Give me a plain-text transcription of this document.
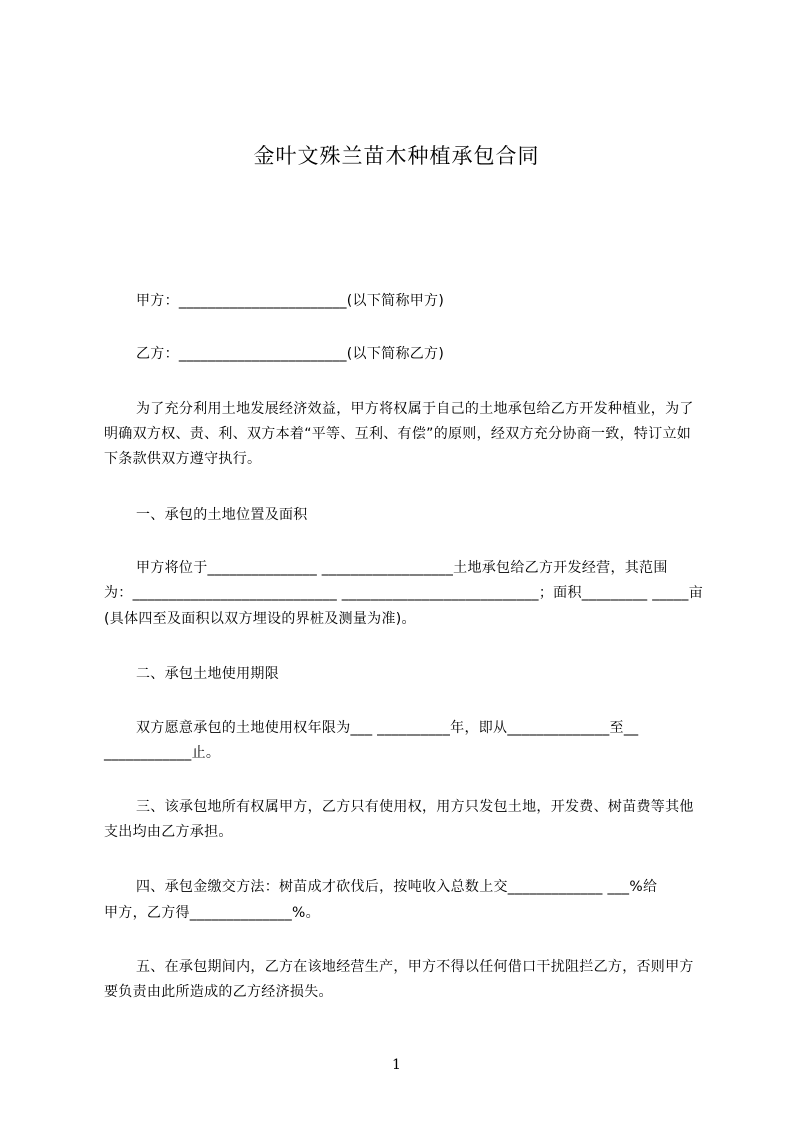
金叶文殊兰苗木种植承包合同
甲方：_______________________(以下简称甲方)
乙方：_______________________(以下简称乙方)
为了充分利用土地发展经济效益，甲方将权属于自己的土地承包给乙方开发种植业，为了明确双方权、责、利、双方本着“平等、互利、有偿”的原则，经双方充分协商一致，特订立如下条款供双方遵守执行。
一、承包的土地位置及面积
甲方将位于_______________ __________________土地承包给乙方开发经营，其范围
为：____________________________ ___________________________；面积_________ _____亩
(具体四至及面积以双方埋设的界桩及测量为准)。
二、承包土地使用期限
双方愿意承包的土地使用权年限为___ __________年，即从______________至__
____________止。
三、该承包地所有权属甲方，乙方只有使用权，用方只发包土地，开发费、树苗费等其他支出均由乙方承担。
四、承包金缴交方法：树苗成才砍伐后，按吨收入总数上交_____________ ___%给
甲方，乙方得______________%。
五、在承包期间内，乙方在该地经营生产，甲方不得以任何借口干扰阻拦乙方，否则甲方要负责由此所造成的乙方经济损失。
1
